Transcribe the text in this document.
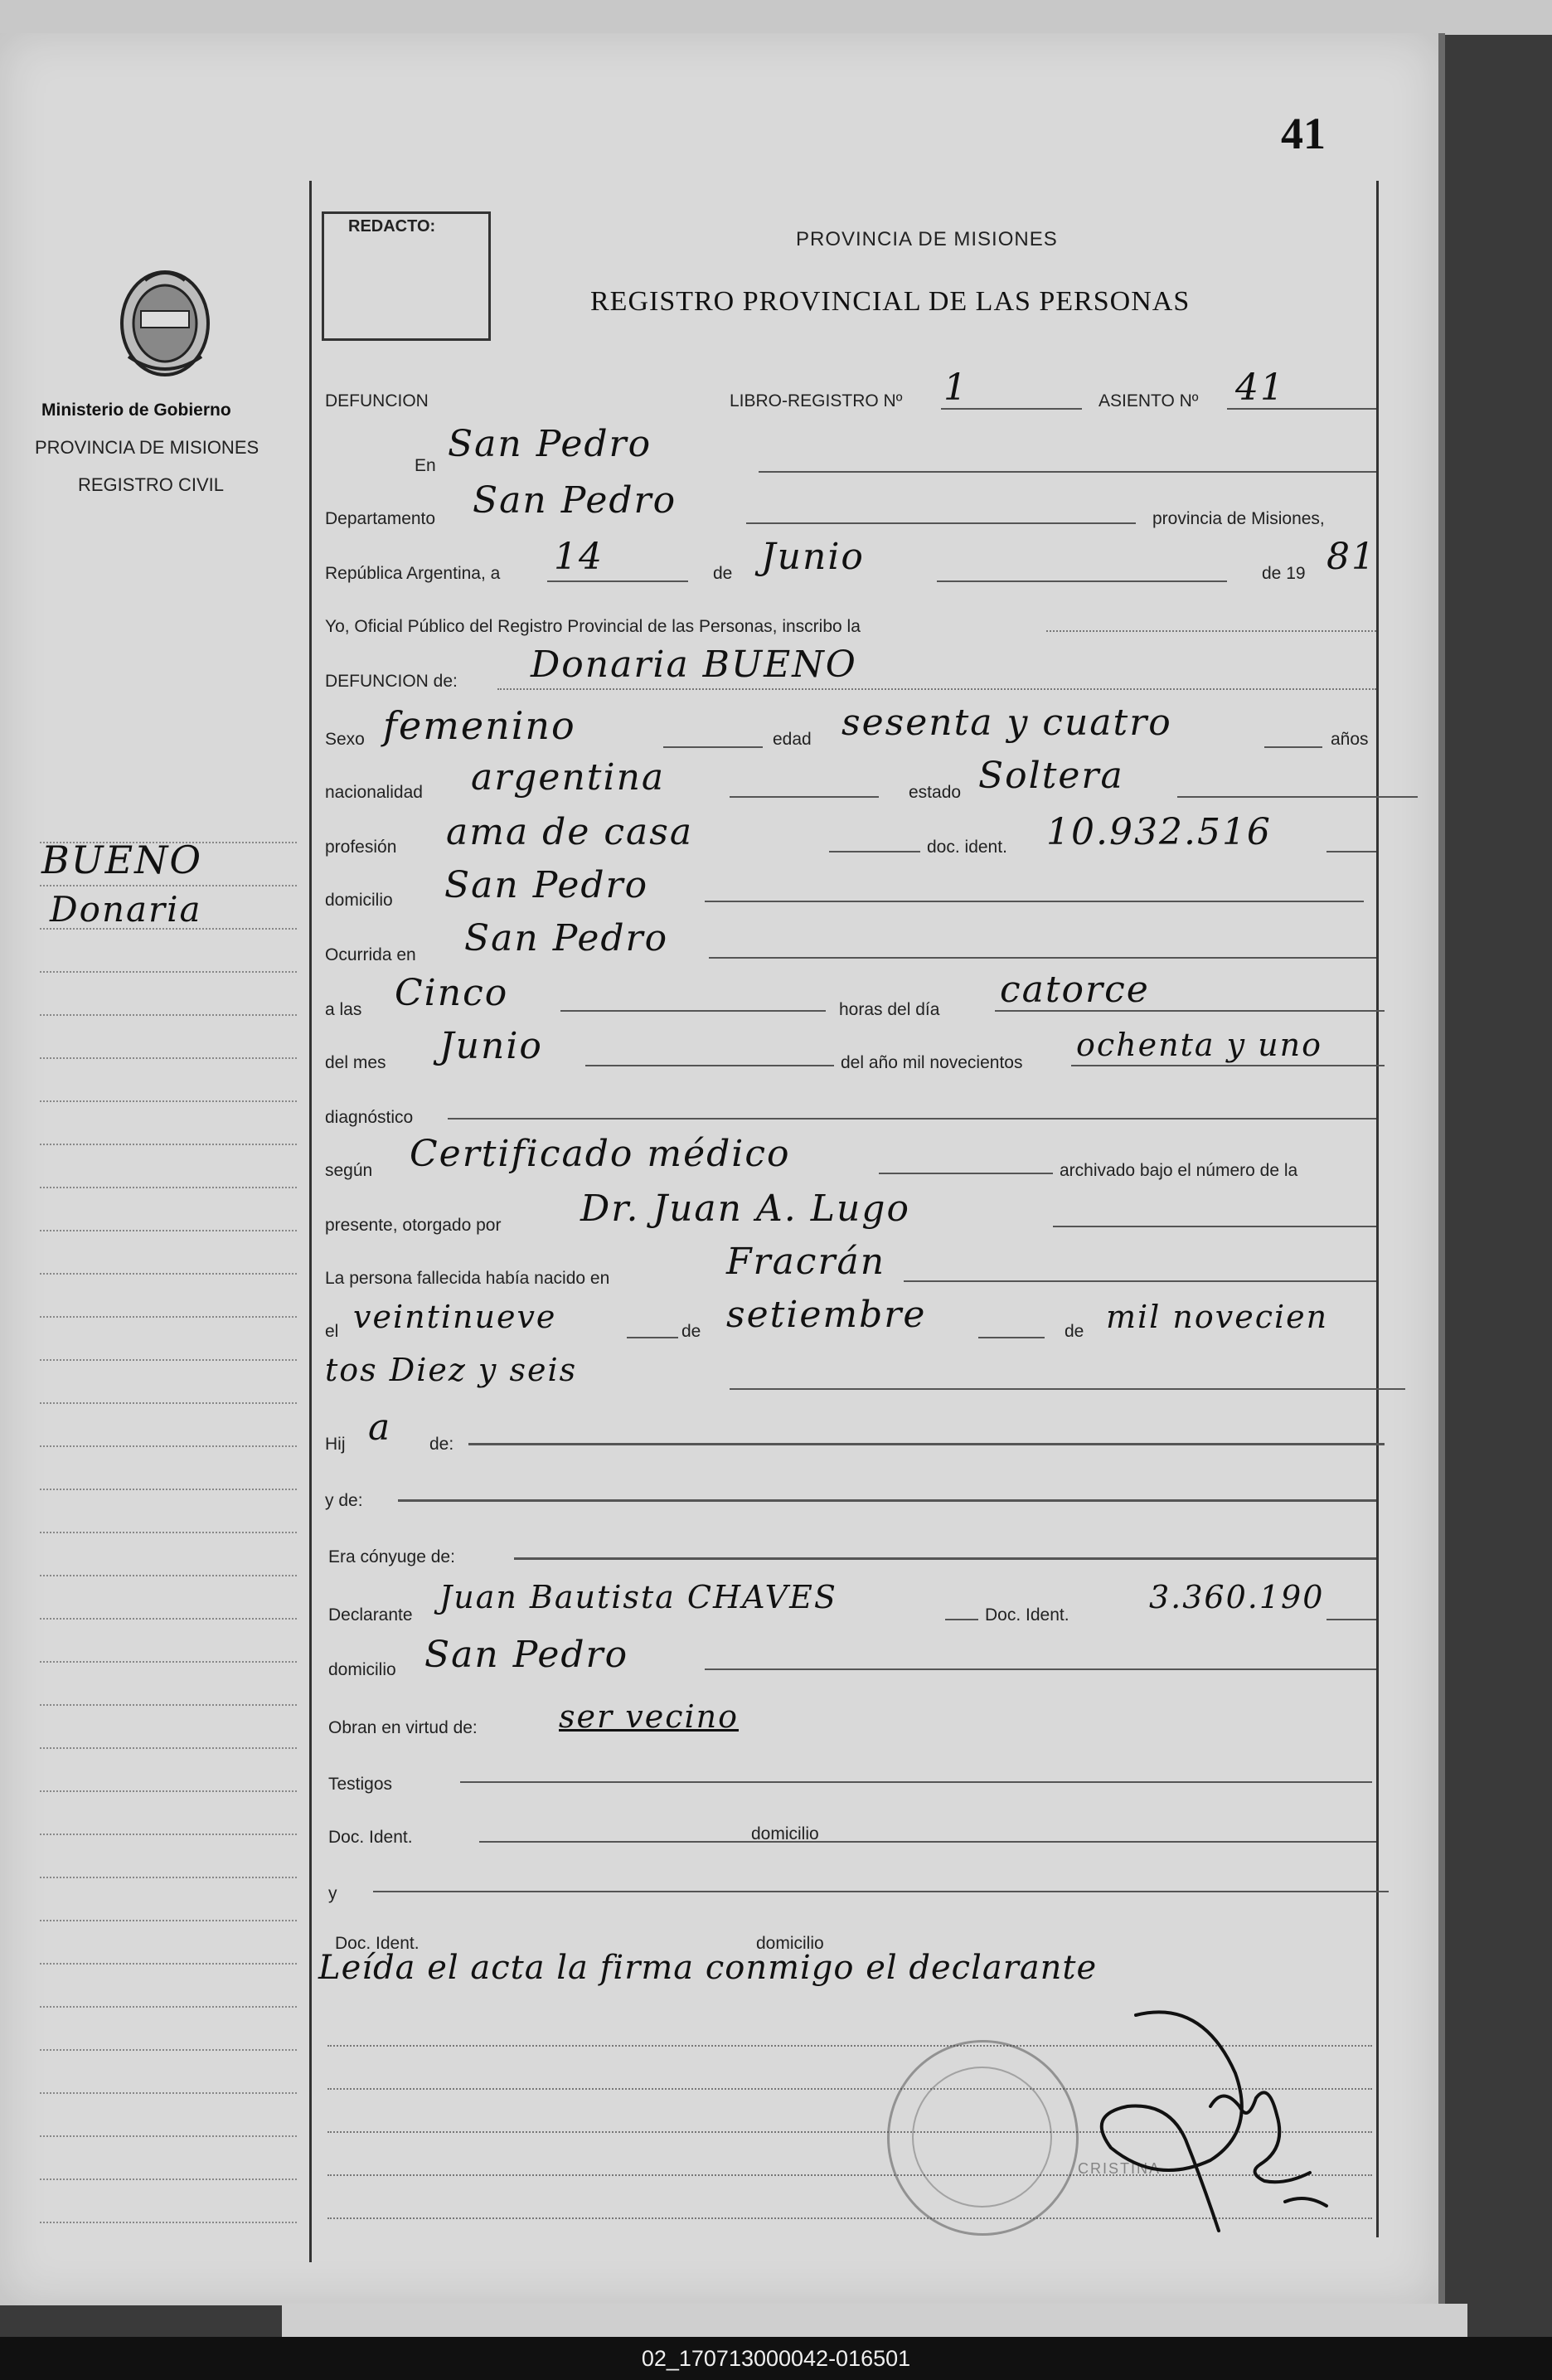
41
Ministerio de Gobierno
PROVINCIA DE MISIONES
REGISTRO CIVIL
BUENO
Donaria
REDACTO:
PROVINCIA DE MISIONES
REGISTRO PROVINCIAL DE LAS PERSONAS
DEFUNCION	LIBRO-REGISTRO Nº 1	ASIENTO Nº 41
En
San Pedro
Departamento San Pedro	provincia de Misiones,
República Argentina, a 14	de Junio	de 19 81
Yo, Oficial Público del Registro Provincial de las Personas, inscribo la
DEFUNCION de: Donaria BUENO
Sexo femenino	edad sesenta y cuatro	años
nacionalidad argentina	estado Soltera
profesión ama de casa	doc. ident. 10.932.516
domicilio San Pedro
Ocurrida en San Pedro
a las Cinco	horas del día catorce
del mes Junio	del año mil novecientos ochenta y uno
diagnóstico
según Certificado médico	archivado bajo el número de la
presente, otorgado por Dr. Juan A. Lugo
La persona fallecida había nacido en	Fracrán
el veintinueve	de setiembre	de mil novecien
tos Diez y seis
Hij a de:
y de:
Era cónyuge de:
Declarante Juan Bautista CHAVES	Doc. Ident.	3.360.190
domicilio San Pedro
Obran en virtud de:	ser vecino
Testigos
Doc. Ident.	domicilio
y
Doc. Ident.	domicilio
Leída el acta la firma conmigo el declarante
CRISTINA
02_170713000042-016501
